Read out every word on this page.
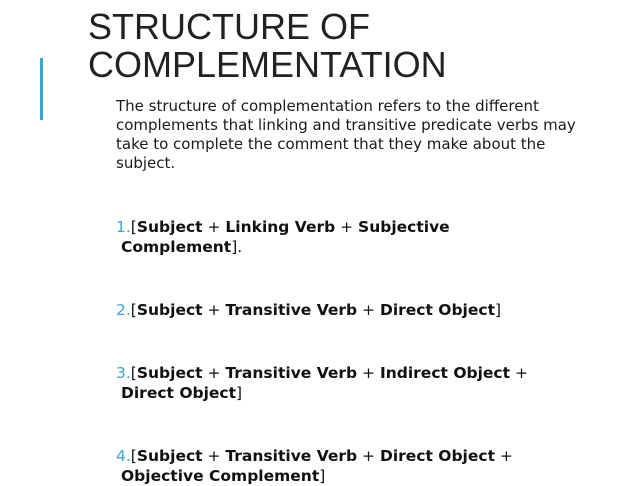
STRUCTURE OF
COMPLEMENTATION

The structure of complementation refers to the different complements that linking and transitive predicate verbs may take to complete the comment that they make about the subject.

1.[Subject + Linking Verb + Subjective
Complement].

2.[Subject + Transitive Verb + Direct Object]

3.[Subject + Transitive Verb + Indirect Object +
Direct Object]

4.[Subject + Transitive Verb + Direct Object +
Objective Complement]
